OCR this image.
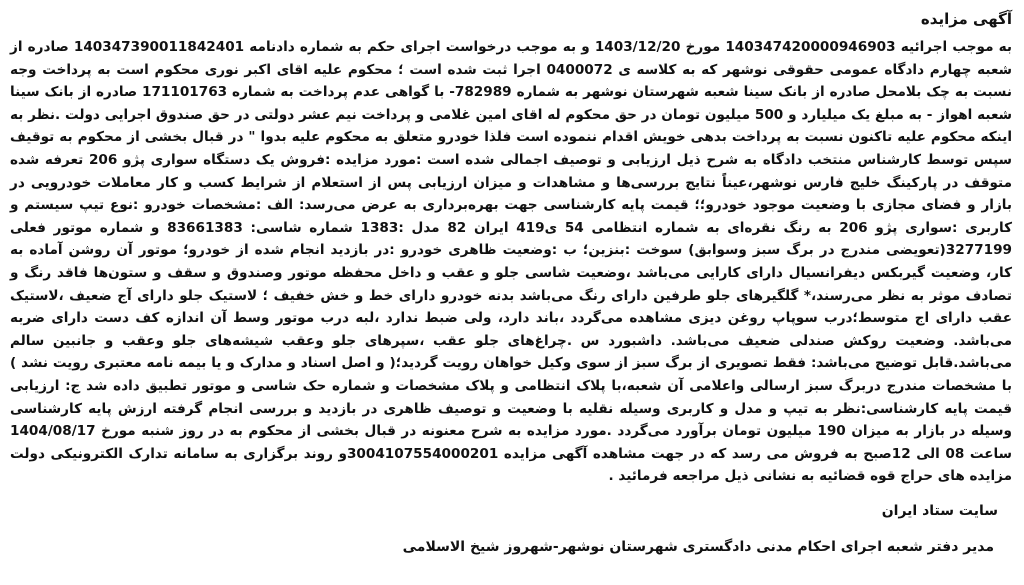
آگهی مزایده

به موجب اجرائیه 140347420000946903 مورخ 1403/12/20 و به موجب درخواست اجرای حکم به شماره دادنامه 140347390011842401 صادره از شعبه چهارم دادگاه عمومی حقوقی نوشهر که به کلاسه ی 0400072 اجرا ثبت شده است ؛ محکوم علیه اقای اکبر نوری محکوم است به پرداخت وجه نسبت به چک بلامحل صادره از بانک سینا شعبه شهرستان نوشهر به شماره 782989- با گواهی عدم پرداخت به شماره 171101763 صادره از بانک سینا شعبه اهواز - به مبلغ یک میلیارد و 500 میلیون تومان در حق محکوم له اقای امین غلامی و پرداخت نیم عشر دولتی در حق صندوق اجرایی دولت .نظر به اینکه محکوم علیه تاکنون نسبت به پرداخت بدهی خویش اقدام ننموده است فلذا خودرو متعلق به محکوم علیه بدوا " در قبال بخشی از محکوم به توقیف سپس توسط کارشناس منتخب دادگاه به شرح ذیل ارزیابی و توصیف اجمالی شده است :مورد مزایده :فروش یک دستگاه سواری پژو 206 تعرفه شده متوقف در پارکینگ خلیج فارس نوشهر،عیناً نتایج بررسی‌ها و مشاهدات و میزان ارزیابی پس از استعلام از شرایط کسب و کار معاملات خودرویی در بازار و فضای مجازی با وضعیت موجود خودرو؛؛ قیمت پایه کارشناسی جهت بهره‌برداری به عرض می‌رسد: الف :مشخصات خودرو :نوع تیپ سیستم و کاربری :سواری پژو 206 به رنگ نقره‌ای به شماره انتظامی 54 ی419 ایران 82 مدل :1383 شماره شاسی: 83661383 و شماره موتور فعلی 3277199(تعویضی مندرج در برگ سبز وسوابق) سوخت :بنزین؛ ب :وضعیت ظاهری خودرو :در بازدید انجام شده از خودرو؛ موتور آن روشن آماده به کار، وضعیت گیربکس دیفرانسیال دارای کارایی می‌باشد ،وضعیت شاسی جلو و عقب و داخل محفظه موتور وصندوق و سقف و ستون‌ها فاقد رنگ و تصادف موثر به نظر می‌رسند،* گلگیرهای جلو طرفین دارای رنگ می‌باشد بدنه خودرو دارای خط و خش خفیف ؛ لاستیک جلو دارای آج ضعیف ،لاستیک عقب دارای اج متوسط؛درب سوپاپ روغن دیزی مشاهده می‌گردد ،باند دارد، ولی ضبط ندارد ،لبه درب موتور وسط آن اندازه کف دست دارای ضربه می‌باشد. وضعیت روکش صندلی ضعیف می‌باشد. داشبورد س .چراغ‌های جلو عقب ،سپرهای جلو وعقب شیشه‌های جلو وعقب و جانبین سالم می‌باشد.قابل توضیح می‌باشد: فقط تصویری از برگ سبز از سوی وکیل خواهان رویت گردید؛( و اصل اسناد و مدارک و یا بیمه نامه معتبری رویت نشد ) با مشخصات مندرج دربرگ سبز ارسالی واعلامی آن شعبه،با پلاک انتظامی و پلاک مشخصات و شماره حک شاسی و موتور تطبیق داده شد ج: ارزیابی قیمت پایه کارشناسی:نظر به تیپ و مدل و کاربری وسیله نقلیه با وضعیت و توصیف ظاهری در بازدید و بررسی انجام گرفته ارزش پایه کارشناسی وسیله در بازار به میزان 190 میلیون تومان برآورد می‌گردد .مورد مزایده به شرح معنونه در قبال بخشی از محکوم به در روز شنبه مورخ 1404/08/17 ساعت 08 الی 12صبح به فروش می رسد که در جهت مشاهده آگهی مزایده 3004107554000201و روند برگزاری به سامانه تدارک الکترونیکی دولت مزایده های حراج قوه قضائیه به نشانی ذیل مراجعه فرمائید .

سایت ستاد ایران
مدیر دفتر شعبه اجرای احکام مدنی دادگستری شهرستان نوشهر-شهروز شیخ الاسلامی
